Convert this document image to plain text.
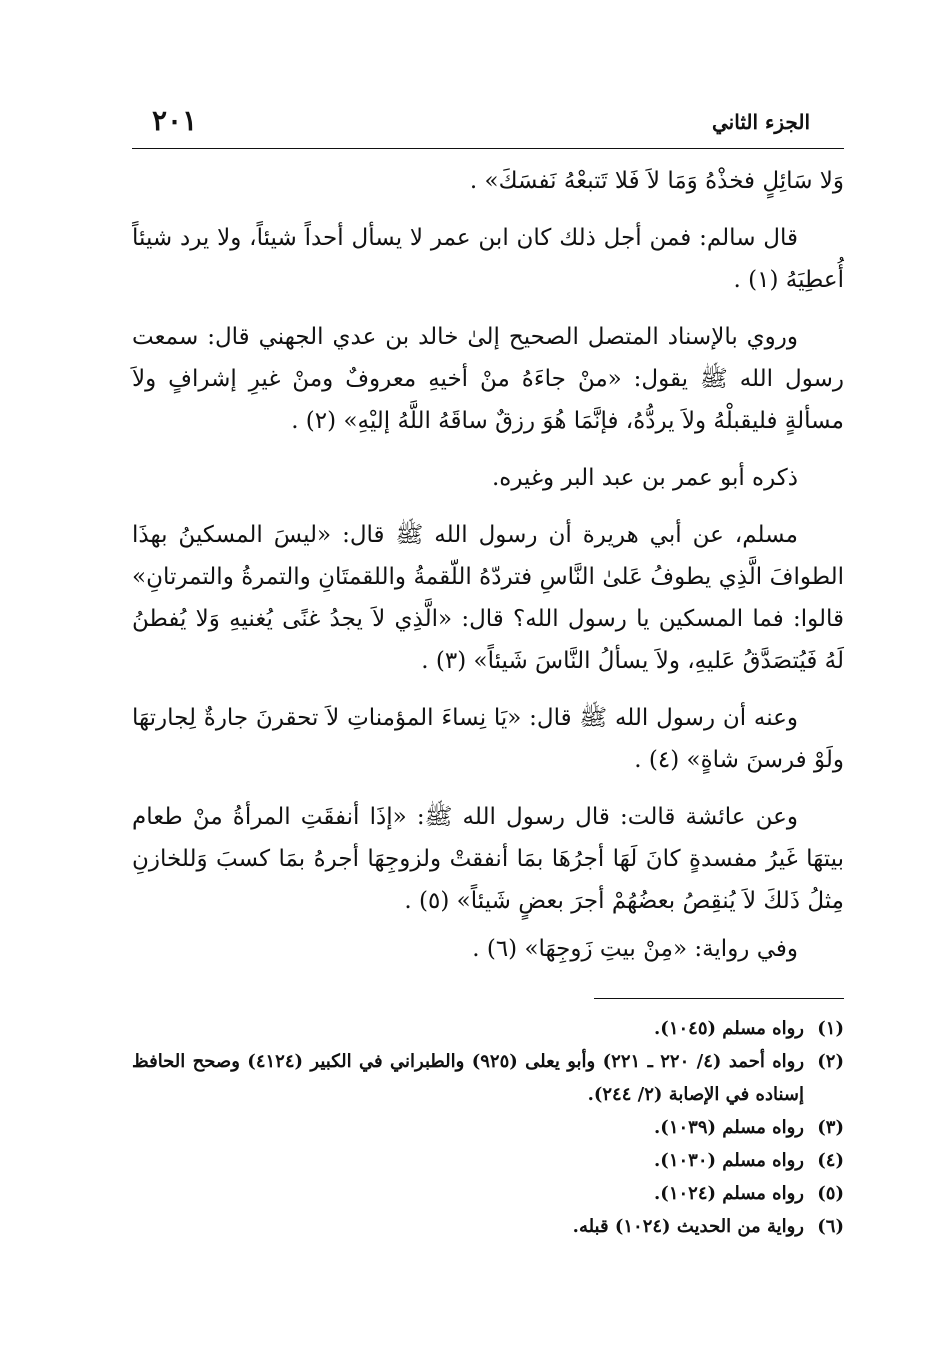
الجزء الثاني
٢٠١

وَلا سَائِلٍ فخذْهُ وَمَا لاَ فَلا تَتبعْهُ نَفسَكَ» .

قال سالم: فمن أجل ذلك كان ابن عمر لا يسأل أحداً شيئاً، ولا يرد شيئاً أُعطِيَهُ (١) .

وروي بالإسناد المتصل الصحيح إلىٰ خالد بن عدي الجهني قال: سمعت رسول الله ﷺ يقول: «منْ جاءَهُ منْ أخيهِ معروفٌ ومنْ غيرِ إشرافٍ ولاَ مسألةٍ فليقبلْهُ ولاَ يردُّهُ، فإنَّمَا هُوَ رزقٌ ساقَهُ اللَّهُ إليْهِ» (٢) .

ذكره أبو عمر بن عبد البر وغيره.

مسلم، عن أبي هريرة أن رسول الله ﷺ قال: «ليسَ المسكينُ بهذَا الطوافَ الَّذِي يطوفُ عَلىٰ النَّاسِ فتردّهُ اللّقمةُ واللقمتَانِ والتمرةُ والتمرتانِ» قالوا: فما المسكين يا رسول الله؟ قال: «الَّذِي لاَ يجدُ غنًى يُغنيهِ وَلا يُفطنُ لَهُ فَيُتصَدَّقُ عَليهِ، ولاَ يسألُ النَّاسَ شَيئاً» (٣) .

وعنه أن رسول الله ﷺ قال: «يَا نِساءَ المؤمناتِ لاَ تحقرنَ جارةٌ لِجارتهَا ولَوْ فرسنَ شاةٍ» (٤) .

وعن عائشة قالت: قال رسول الله ﷺ: «إذَا أنفقَتِ المرأةُ منْ طعام بيتهَا غَيرُ مفسدةٍ كانَ لَهَا أجرُهَا بمَا أنفقتْ ولزوجِهَا أجرهُ بمَا كسبَ وَللخازنِ مِثلُ ذَلكَ لاَ يُنقِصُ بعضُهُمْ أجرَ بعضٍ شَيئاً» (٥) .

وفي رواية: «مِنْ بيتِ زَوجِهَا» (٦) .

(١)
رواه مسلم (١٠٤٥).
(٢)
رواه أحمد (٤/ ٢٢٠ ـ ٢٢١) وأبو يعلى (٩٢٥) والطبراني في الكبير (٤١٢٤) وصحح الحافظ إسناده في الإصابة (٢/ ٢٤٤).
(٣)
رواه مسلم (١٠٣٩).
(٤)
رواه مسلم (١٠٣٠).
(٥)
رواه مسلم (١٠٢٤).
(٦)
رواية من الحديث (١٠٢٤) قبله.
